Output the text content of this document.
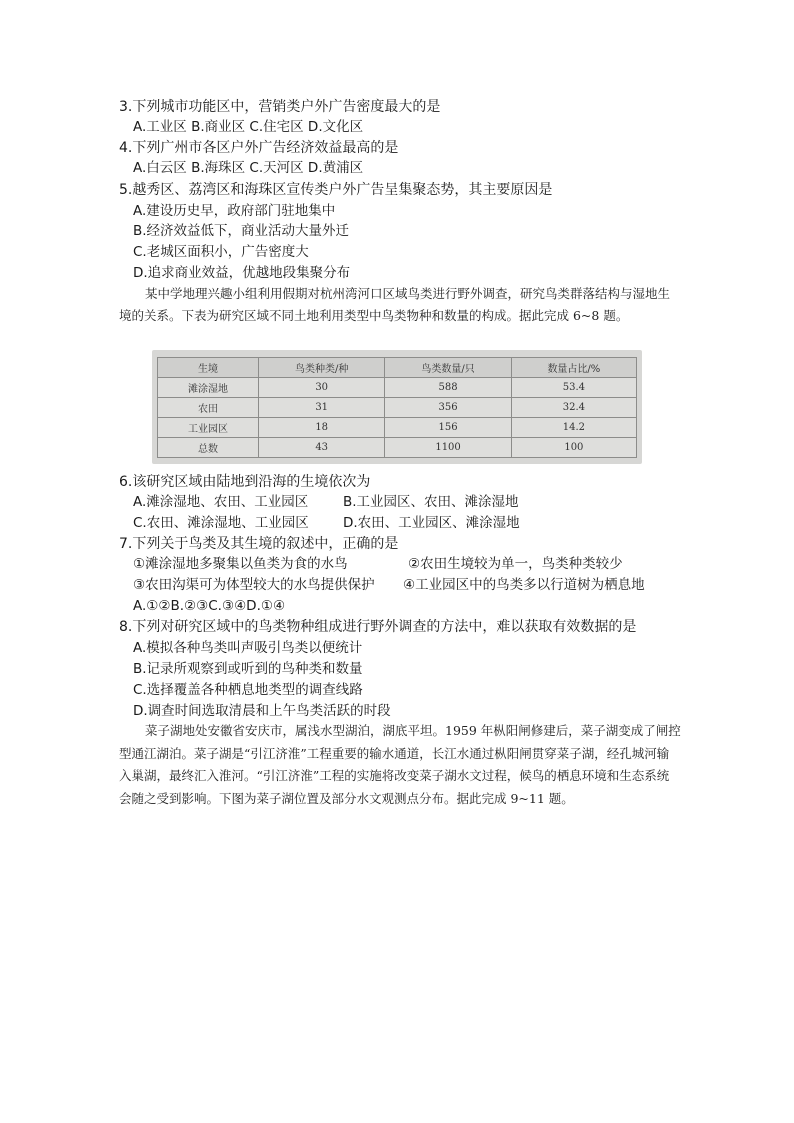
3.下列城市功能区中，营销类户外广告密度最大的是
A.工业区 B.商业区 C.住宅区 D.文化区
4.下列广州市各区户外广告经济效益最高的是
A.白云区 B.海珠区 C.天河区 D.黄浦区
5.越秀区、荔湾区和海珠区宣传类户外广告呈集聚态势，其主要原因是
A.建设历史早，政府部门驻地集中
B.经济效益低下，商业活动大量外迁
C.老城区面积小，广告密度大
D.追求商业效益，优越地段集聚分布
某中学地理兴趣小组利用假期对杭州湾河口区域鸟类进行野外调查，研究鸟类群落结构与湿地生境的关系。下表为研究区域不同土地利用类型中鸟类物种和数量的构成。据此完成 6~8 题。
生境	鸟类种类/种	鸟类数量/只	数量占比/%
滩涂湿地	30	588	53.4
农田	31	356	32.4
工业园区	18	156	14.2
总数	43	1100	100
6.该研究区域由陆地到沿海的生境依次为
A.滩涂湿地、农田、工业园区	B.工业园区、农田、滩涂湿地
C.农田、滩涂湿地、工业园区	D.农田、工业园区、滩涂湿地
7.下列关于鸟类及其生境的叙述中，正确的是
①滩涂湿地多聚集以鱼类为食的水鸟	②农田生境较为单一，鸟类种类较少
③农田沟渠可为体型较大的水鸟提供保护 ④工业园区中的鸟类多以行道树为栖息地
A.①②B.②③C.③④D.①④
8.下列对研究区域中的鸟类物种组成进行野外调查的方法中，难以获取有效数据的是
A.模拟各种鸟类叫声吸引鸟类以便统计
B.记录所观察到或听到的鸟种类和数量
C.选择覆盖各种栖息地类型的调查线路
D.调查时间选取清晨和上午鸟类活跃的时段
菜子湖地处安徽省安庆市，属浅水型湖泊，湖底平坦。1959 年枞阳闸修建后，菜子湖变成了闸控型通江湖泊。菜子湖是“引江济淮”工程重要的输水通道，长江水通过枞阳闸贯穿菜子湖，经孔城河输入巢湖，最终汇入淮河。“引江济淮”工程的实施将改变菜子湖水文过程，候鸟的栖息环境和生态系统会随之受到影响。下图为菜子湖位置及部分水文观测点分布。据此完成 9~11 题。
